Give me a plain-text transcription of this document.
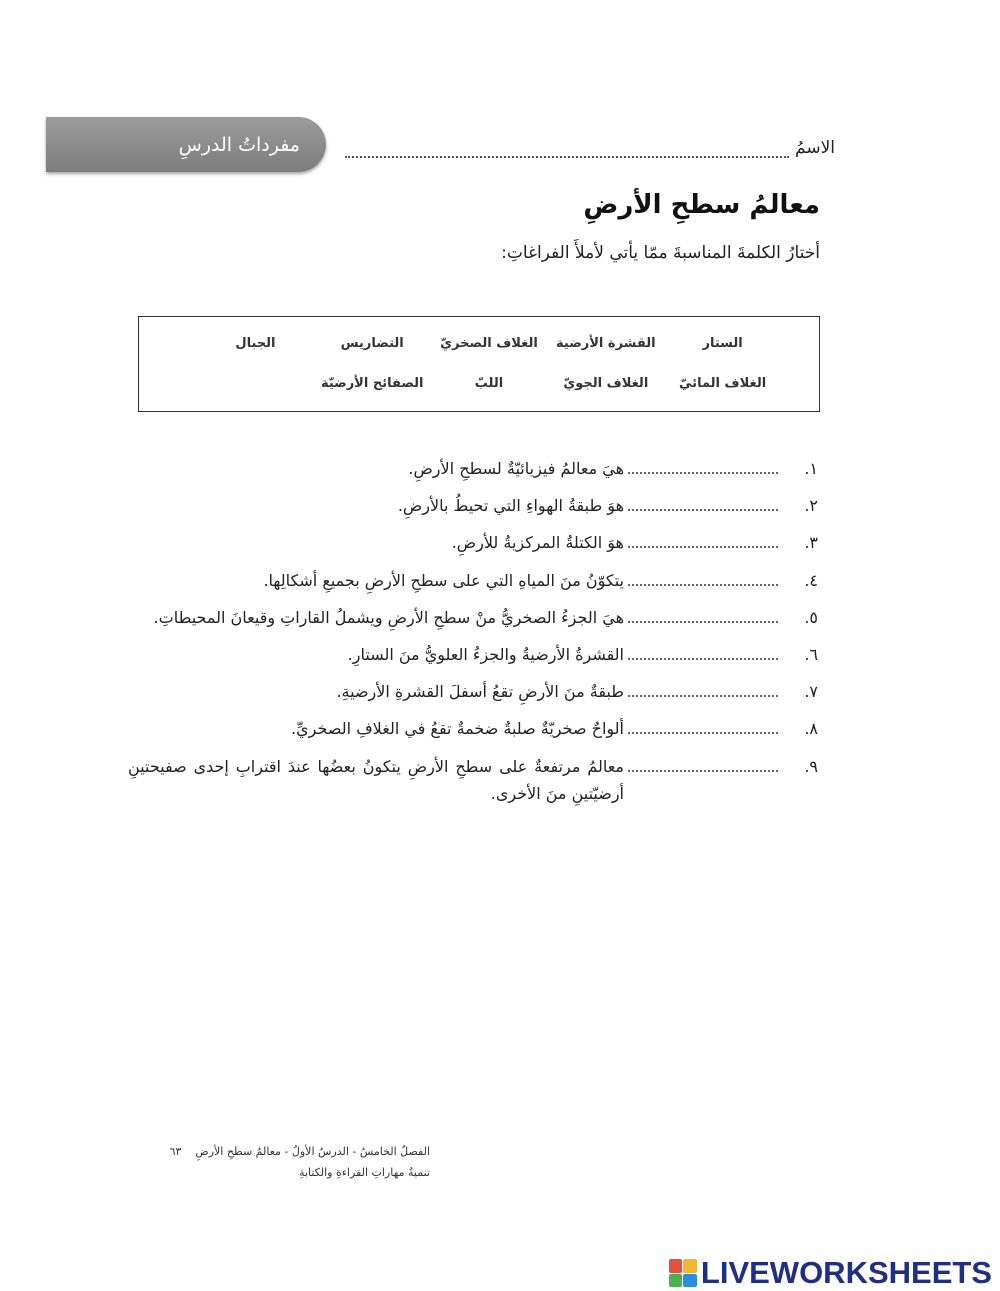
الاسمُ
مفرداتُ الدرسِ
معالمُ سطحِ الأرضِ

أختارُ الكلمةَ المناسبةَ ممّا يأتي لأملأَ الفراغاتِ:

الستار
القشرة الأرضية
الغلاف الصخريّ
التضاريس
الجبال
الغلاف المائيّ
الغلاف الجويّ
اللبّ
الصفائح الأرضيّة
١.
هيَ معالمُ فيزيائيّةٌ لسطحِ الأرضِ.
٢.
هوَ طبقةُ الهواءِ التي تحيطُ بالأرضِ.
٣.
هوَ الكتلةُ المركزيةُ للأرضِ.
٤.
يتكوّنُ منَ المياهِ التي على سطحِ الأرضِ بجميعِ أشكالِها.
٥.
هيَ الجزءُ الصخريُّ منْ سطحِ الأرضِ ويشملُ القاراتِ وقيعانَ المحيطاتِ.
٦.
القشرةُ الأرضيةُ والجزءُ العلويُّ منَ الستارِ.
٧.
طبقةٌ منَ الأرضِ تقعُ أسفلَ القشرةِ الأرضيةِ.
٨.
ألواحٌ صخريّةٌ صلبةٌ ضخمةٌ تقعُ في الغلافِ الصخريِّ.
٩.
معالمُ مرتفعةٌ على سطحِ الأرضِ يتكونُ بعضُها عندَ اقترابِ إحدى صفيحتينِ أرضيّتينِ منَ الأخرى.
الفصلُ الخامسُ - الدرسُ الأولُ - معالمُ سطحِ الأرضِ
٦٣
تنميةُ مهاراتِ القراءةِ والكتابةِ
LIVEWORKSHEETS
